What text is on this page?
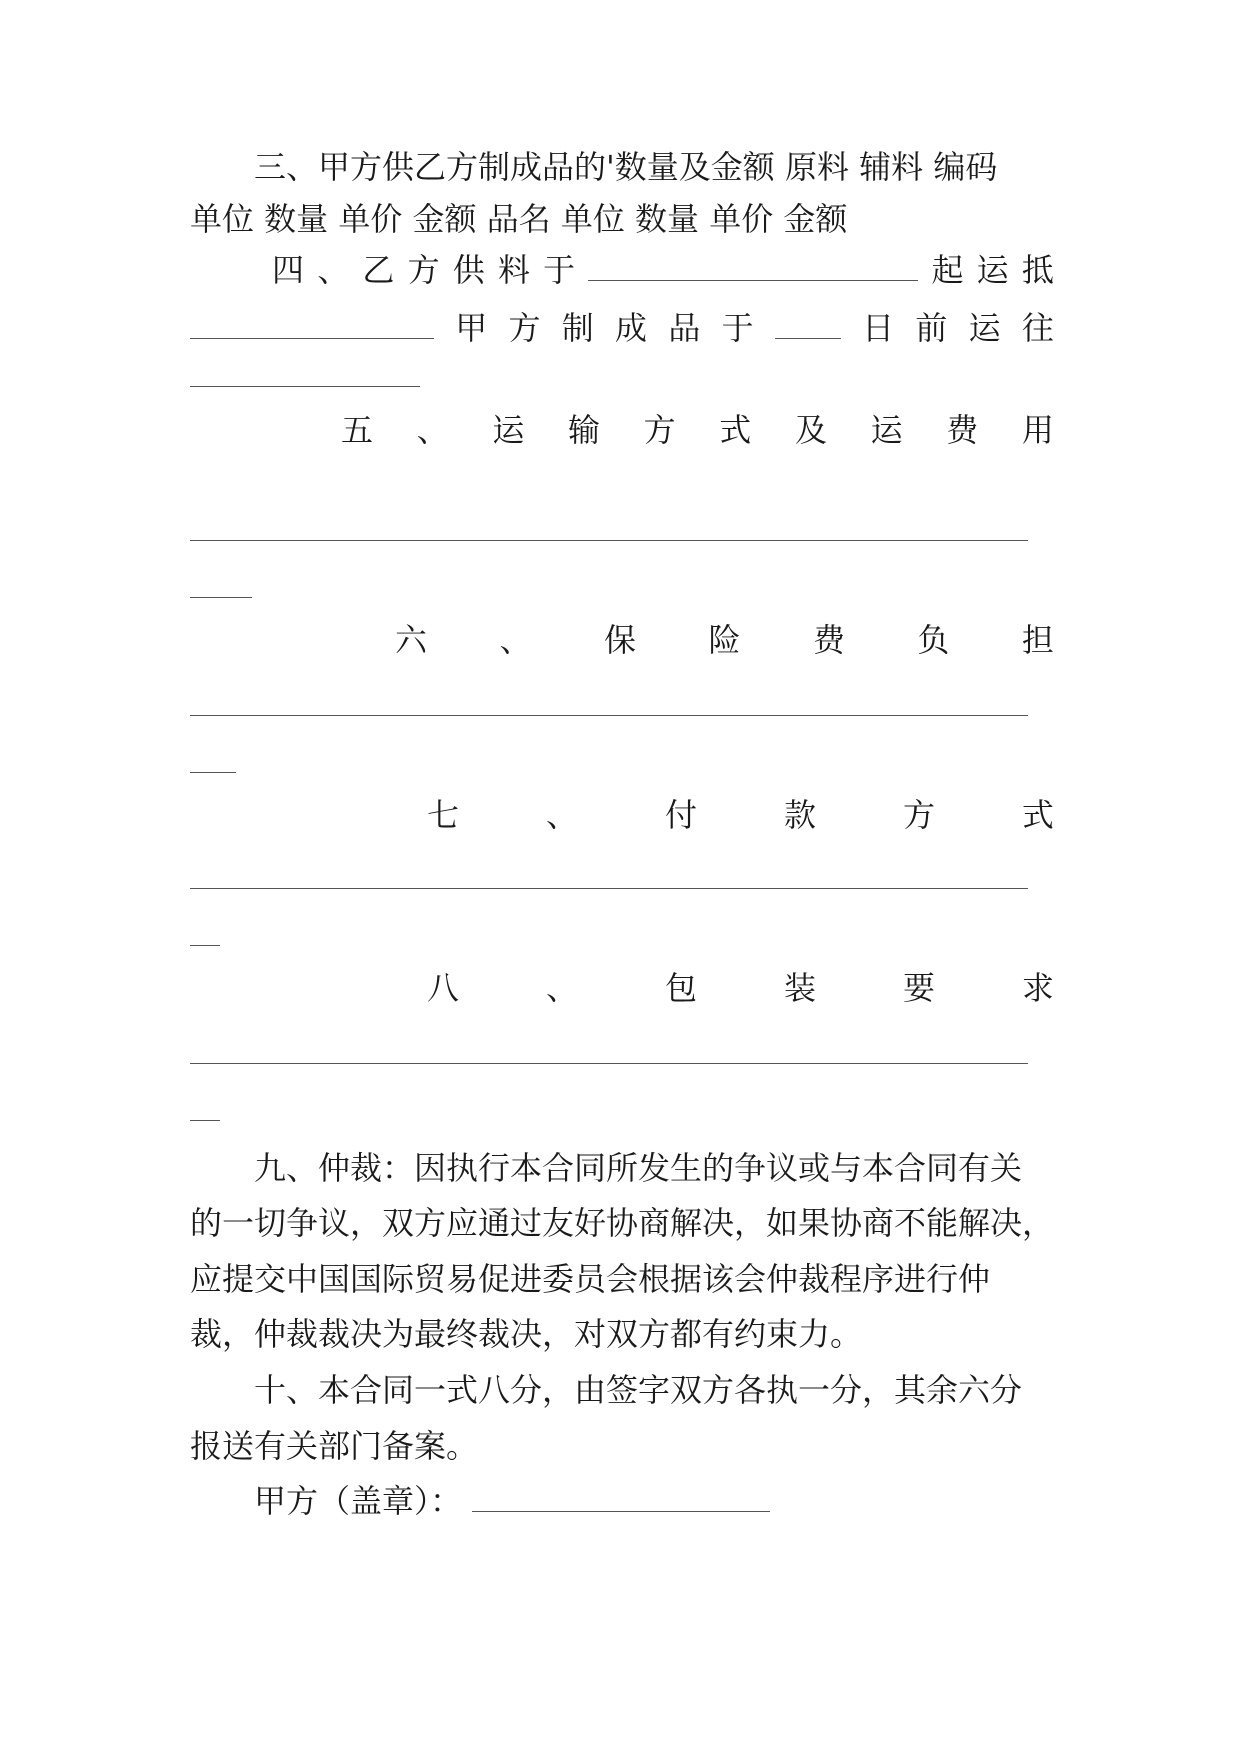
三、甲方供乙方制成品的'数量及金额 原料 辅料 编码
单位 数量 单价 金额 品名 单位 数量 单价 金额
四 、 乙 方 供 料 于	起 运 抵
甲 方 制 成 品 于	日 前 运 往
五 、 运 输 方 式 及 运 费 用
六 、 保 险 费 负 担
七	、	付	款	方	式
八	、	包	装	要	求
九、仲裁：因执行本合同所发生的争议或与本合同有关
的一切争议，双方应通过友好协商解决，如果协商不能解决，
应提交中国国际贸易促进委员会根据该会仲裁程序进行仲
裁，仲裁裁决为最终裁决，对双方都有约束力。
十、本合同一式八分，由签字双方各执一分，其余六分
报送有关部门备案。
甲方（盖章）：
